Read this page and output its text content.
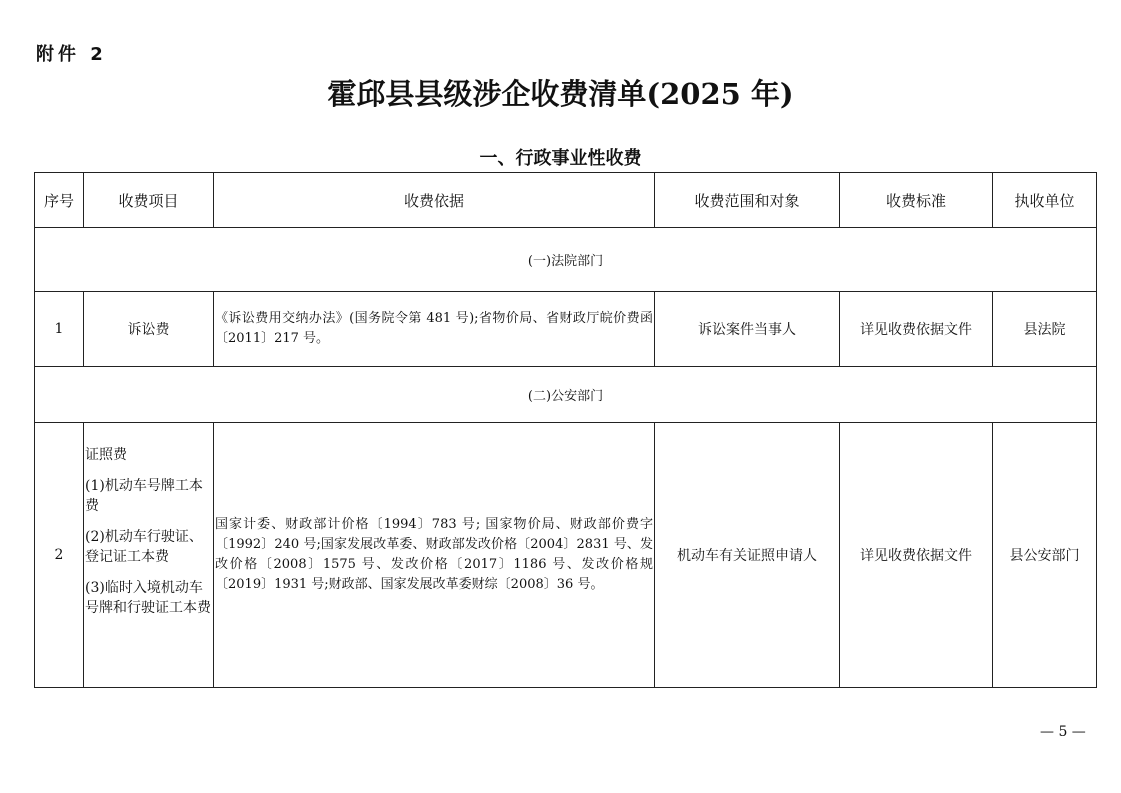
附件 2
霍邱县县级涉企收费清单(2025 年)
一、行政事业性收费
序号	收费项目	收费依据	收费范围和对象	收费标准	执收单位
(一)法院部门					
1	诉讼费	《诉讼费用交纳办法》(国务院令第 481 号);省物价局、省财政厅皖价费函〔2011〕217 号。	诉讼案件当事人	详见收费依据文件	县法院
(二)公安部门					
2	证照费

(1)机动车号牌工本费

(2)机动车行驶证、登记证工本费

(3)临时入境机动车号牌和行驶证工本费	国家计委、财政部计价格〔1994〕783 号; 国家物价局、财政部价费字〔1992〕240 号;国家发展改革委、财政部发改价格〔2004〕2831 号、发改价格〔2008〕1575 号、发改价格〔2017〕1186 号、发改价格规〔2019〕1931 号;财政部、国家发展改革委财综〔2008〕36 号。	机动车有关证照申请人	详见收费依据文件	县公安部门
— 5 —
